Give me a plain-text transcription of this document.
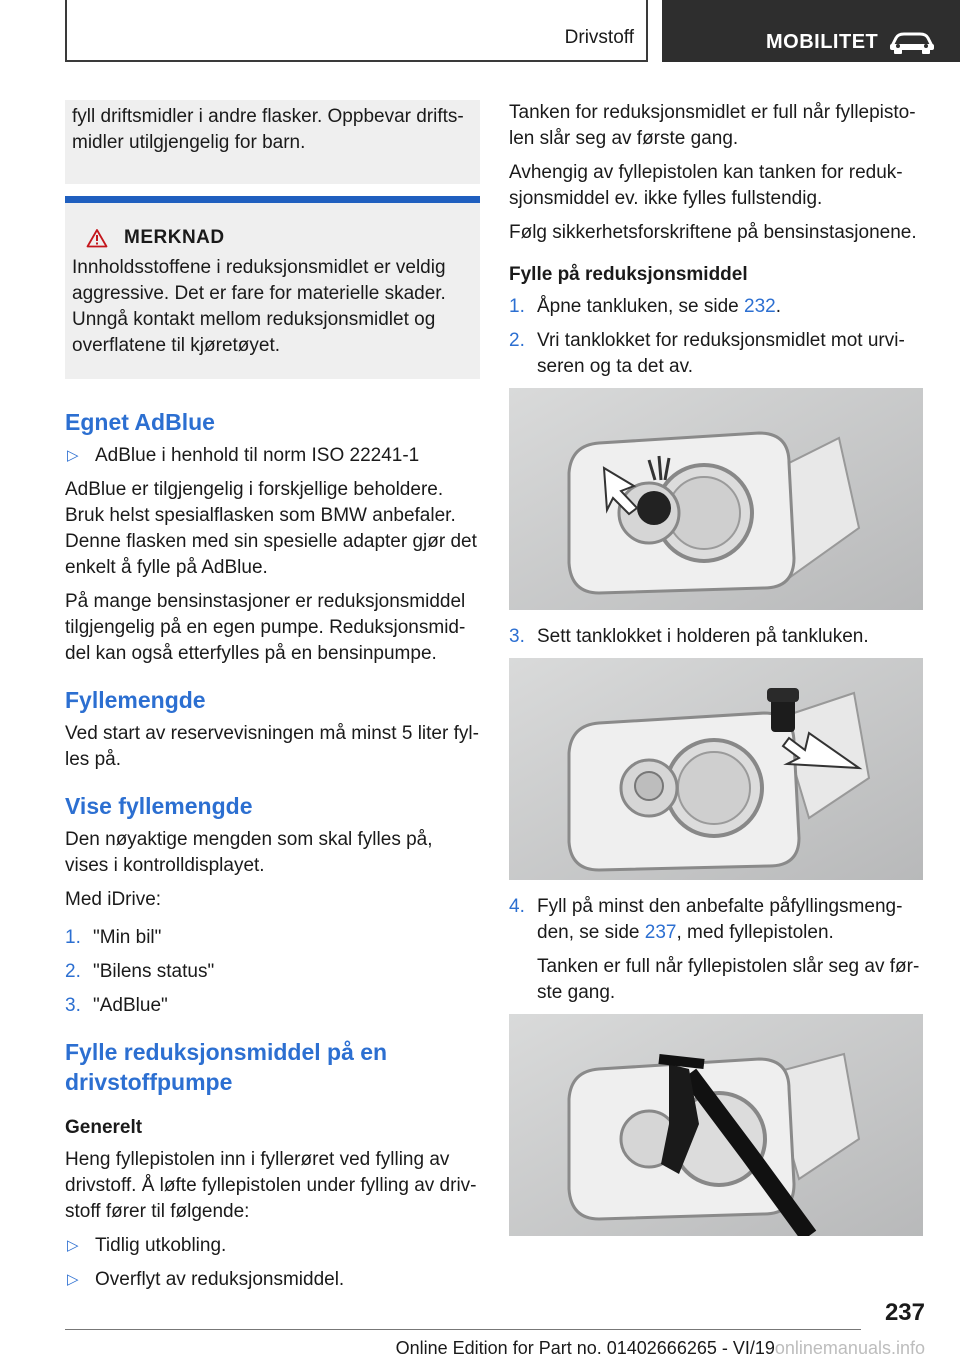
Drivstoff	MOBILITET

fyll driftsmidler i andre flasker. Oppbevar driftsmidler utilgjengelig for barn.

MERKNAD

Innholdsstoffene i reduksjonsmidlet er veldig aggressive. Det er fare for materielle skader. Unngå kontakt mellom reduksjonsmidlet og overflatene til kjøretøyet.

Egnet AdBlue
▷ AdBlue i henhold til norm ISO 22241-1

AdBlue er tilgjengelig i forskjellige beholdere. Bruk helst spesialflasken som BMW anbefaler. Denne flasken med sin spesielle adapter gjør det enkelt å fylle på AdBlue.

På mange bensinstasjoner er reduksjonsmiddel tilgjengelig på en egen pumpe. Reduksjonsmiddel kan også etterfylles på en bensinpumpe.

Fyllemengde

Ved start av reservevisningen må minst 5 liter fylles på.

Vise fyllemengde

Den nøyaktige mengden som skal fylles på, vises i kontrolldisplayet.

Med iDrive:

1. "Min bil"
2. "Bilens status"
3. "AdBlue"
Fylle reduksjonsmiddel på en drivstoffpumpe
Generelt

Heng fyllepistolen inn i fyllerøret ved fylling av drivstoff. Å løfte fyllepistolen under fylling av drivstoff fører til følgende:

▷ Tidlig utkobling.
▷ Overflyt av reduksjonsmiddel.

Tanken for reduksjonsmidlet er full når fyllepistolen slår seg av første gang.

Avhengig av fyllepistolen kan tanken for reduksjonsmiddel ev. ikke fylles fullstendig.

Følg sikkerhetsforskriftene på bensinstasjonene.

Fylle på reduksjonsmiddel
1. Åpne tankluken, se side 232.
2. Vri tanklokket for reduksjonsmidlet mot urviseren og ta det av.
3. Sett tanklokket i holderen på tankluken.
4. Fyll på minst den anbefalte påfyllingsmengden, se side 237, med fyllepistolen.
Tanken er full når fyllepistolen slår seg av første gang.
237
Online Edition for Part no. 01402666265 - VI/19onlinemanuals.info
